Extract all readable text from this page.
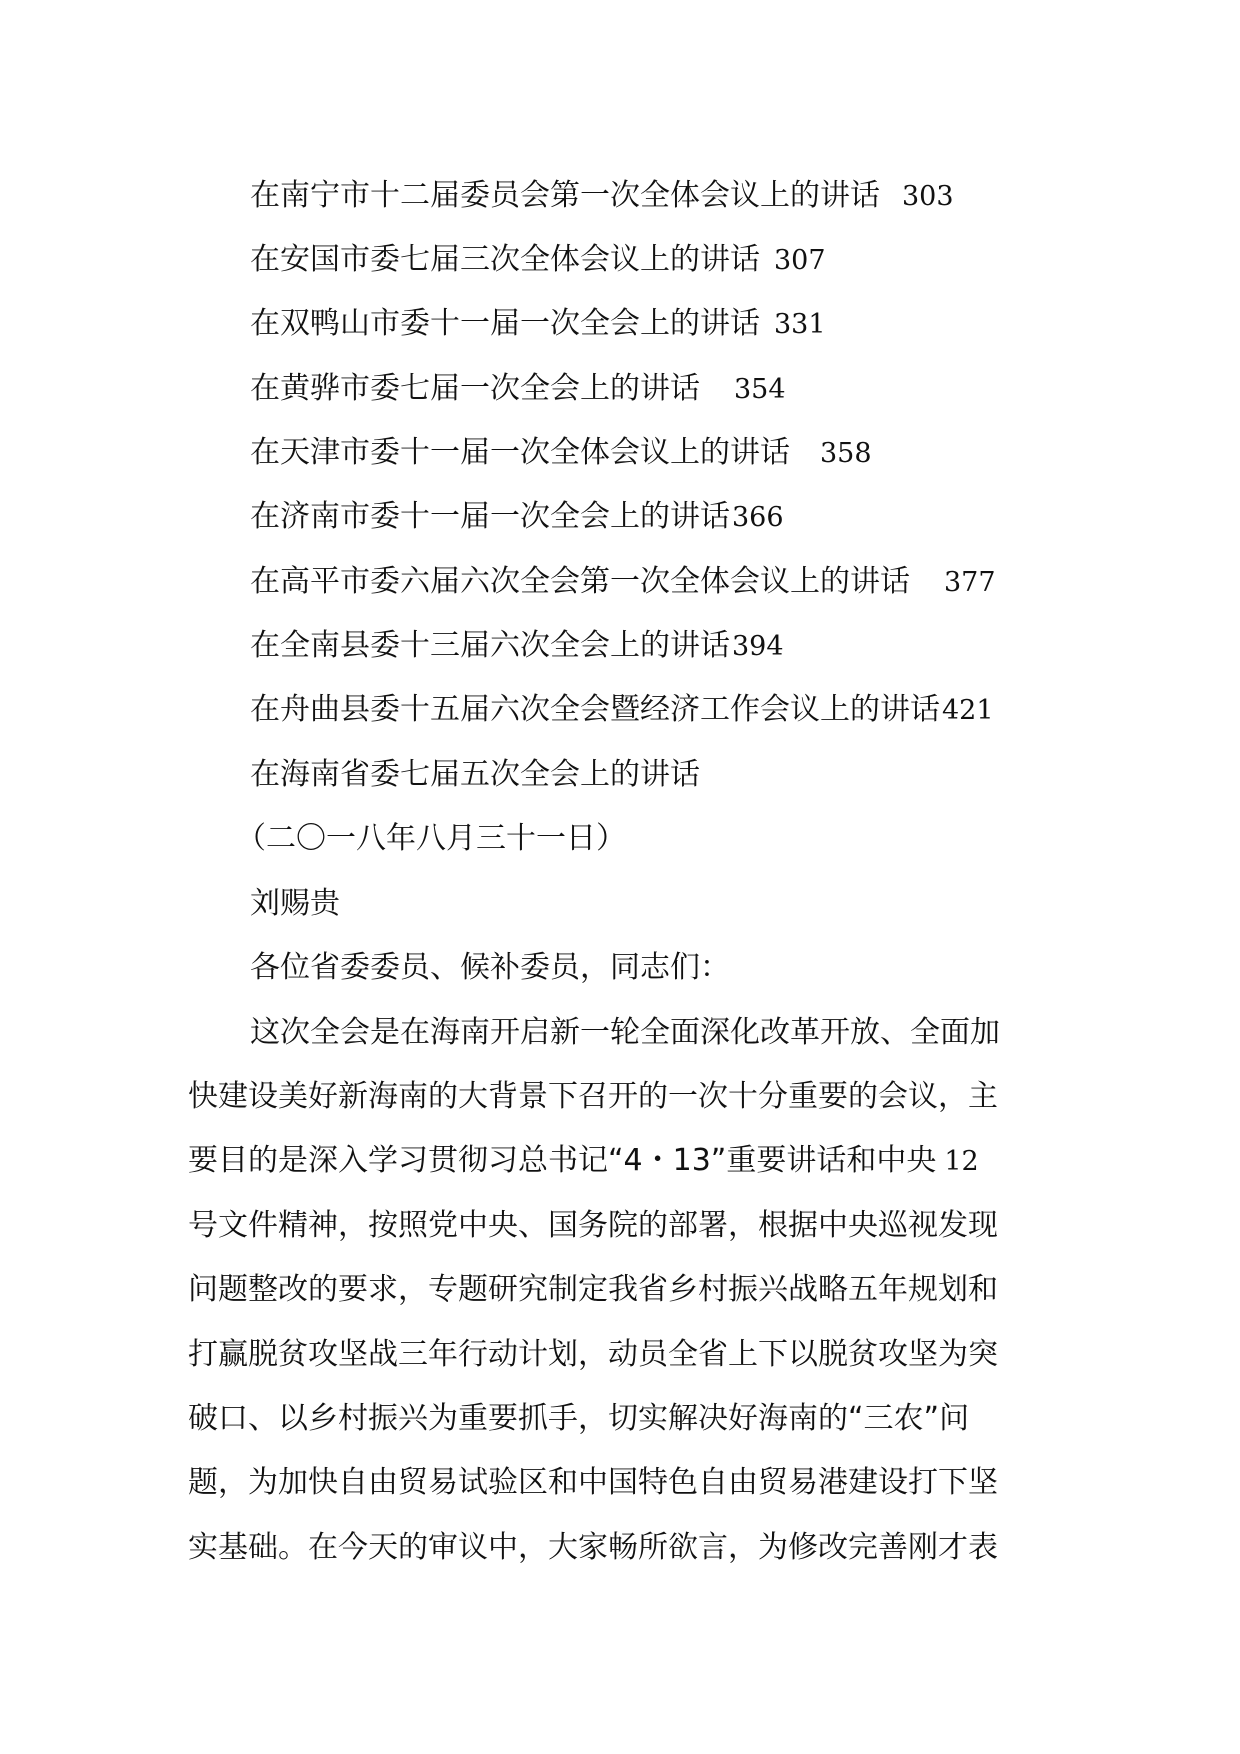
在南宁市十二届委员会第一次全体会议上的讲话 303
在安国市委七届三次全体会议上的讲话 307
在双鸭山市委十一届一次全会上的讲话 331
在黄骅市委七届一次全会上的讲话 354
在天津市委十一届一次全体会议上的讲话 358
在济南市委十一届一次全会上的讲话366
在高平市委六届六次全会第一次全体会议上的讲话 377
在全南县委十三届六次全会上的讲话394
在舟曲县委十五届六次全会暨经济工作会议上的讲话421
在海南省委七届五次全会上的讲话
（二〇一八年八月三十一日）
刘赐贵
各位省委委员、候补委员，同志们：
这次全会是在海南开启新一轮全面深化改革开放、全面加
快建设美好新海南的大背景下召开的一次十分重要的会议，主
要目的是深入学习贯彻习总书记“4・13”重要讲话和中央 12
号文件精神，按照党中央、国务院的部署，根据中央巡视发现
问题整改的要求，专题研究制定我省乡村振兴战略五年规划和
打赢脱贫攻坚战三年行动计划，动员全省上下以脱贫攻坚为突
破口、以乡村振兴为重要抓手，切实解决好海南的“三农”问
题，为加快自由贸易试验区和中国特色自由贸易港建设打下坚
实基础。在今天的审议中，大家畅所欲言，为修改完善刚才表
